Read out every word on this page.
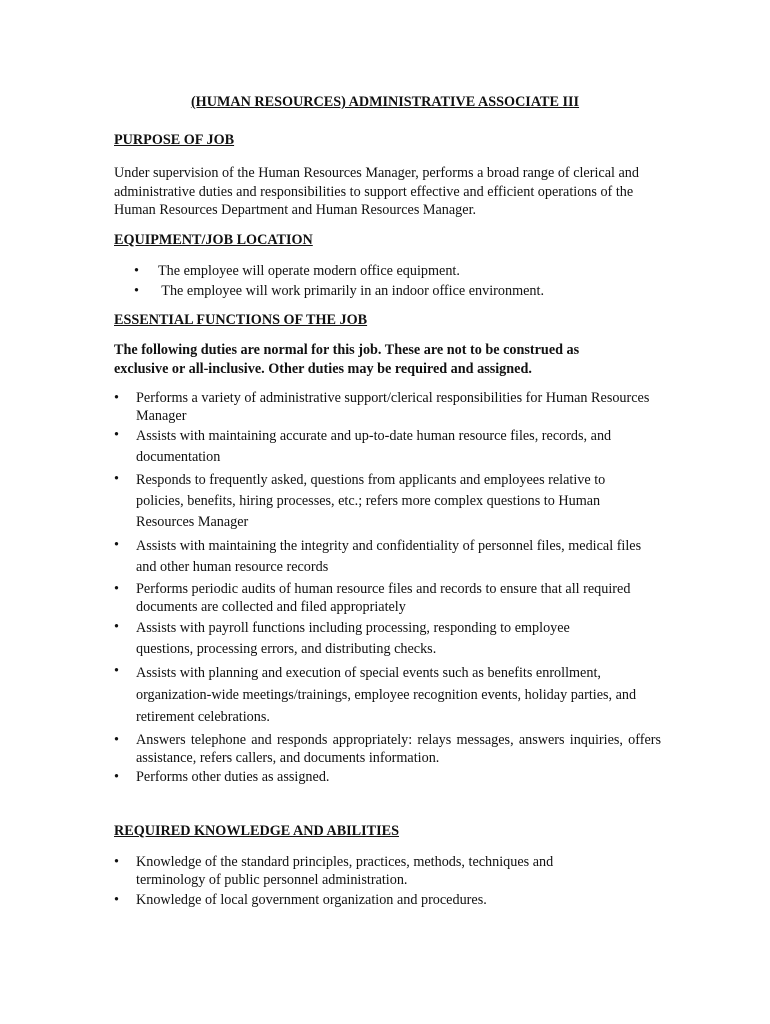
(HUMAN RESOURCES) ADMINISTRATIVE ASSOCIATE III

PURPOSE OF JOB

Under supervision of the Human Resources Manager, performs a broad range of clerical and administrative duties and responsibilities to support effective and efficient operations of the Human Resources Department and Human Resources Manager.

EQUIPMENT/JOB LOCATION

• The employee will operate modern office equipment.
• The employee will work primarily in an indoor office environment.

ESSENTIAL FUNCTIONS OF THE JOB

The following duties are normal for this job. These are not to be construed as exclusive or all-inclusive. Other duties may be required and assigned.

• Performs a variety of administrative support/clerical responsibilities for Human Resources Manager
• Assists with maintaining accurate and up-to-date human resource files, records, and documentation
• Responds to frequently asked, questions from applicants and employees relative to policies, benefits, hiring processes, etc.; refers more complex questions to Human Resources Manager
• Assists with maintaining the integrity and confidentiality of personnel files, medical files and other human resource records
• Performs periodic audits of human resource files and records to ensure that all required documents are collected and filed appropriately
• Assists with payroll functions including processing, responding to employee questions, processing errors, and distributing checks.
• Assists with planning and execution of special events such as benefits enrollment, organization-wide meetings/trainings, employee recognition events, holiday parties, and retirement celebrations.
• Answers telephone and responds appropriately: relays messages, answers inquiries, offers assistance, refers callers, and documents information.
• Performs other duties as assigned.

REQUIRED KNOWLEDGE AND ABILITIES

• Knowledge of the standard principles, practices, methods, techniques and terminology of public personnel administration.
• Knowledge of local government organization and procedures.
